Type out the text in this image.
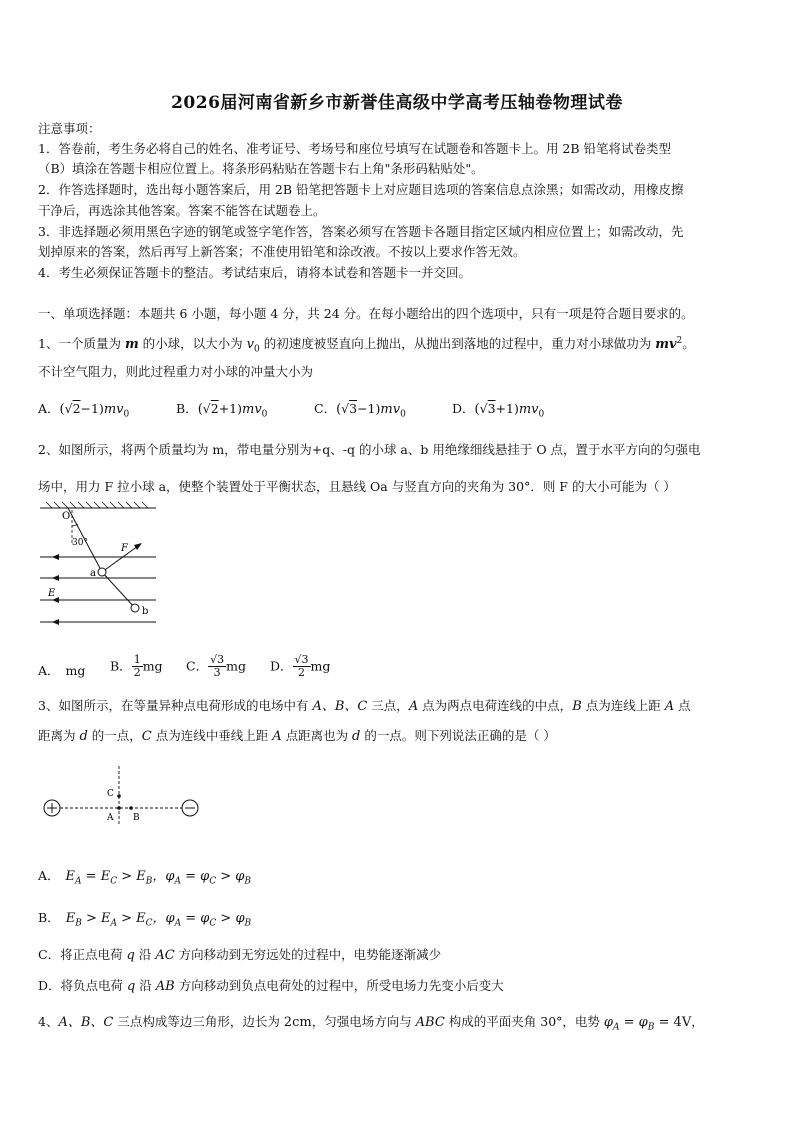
2026届河南省新乡市新誉佳高级中学高考压轴卷物理试卷
注意事项：
1．答卷前，考生务必将自己的姓名、准考证号、考场号和座位号填写在试题卷和答题卡上。用 2B 铅笔将试卷类型
（B）填涂在答题卡相应位置上。将条形码粘贴在答题卡右上角"条形码粘贴处"。
2．作答选择题时，选出每小题答案后，用 2B 铅笔把答题卡上对应题目选项的答案信息点涂黑；如需改动，用橡皮擦
干净后，再选涂其他答案。答案不能答在试题卷上。
3．非选择题必须用黑色字迹的钢笔或签字笔作答，答案必须写在答题卡各题目指定区域内相应位置上；如需改动，先
划掉原来的答案，然后再写上新答案；不准使用铅笔和涂改液。不按以上要求作答无效。
4．考生必须保证答题卡的整洁。考试结束后，请将本试卷和答题卡一并交回。
一、单项选择题：本题共 6 小题，每小题 4 分，共 24 分。在每小题给出的四个选项中，只有一项是符合题目要求的。
1、一个质量为 m 的小球，以大小为 $v_0$ 的初速度被竖直向上抛出，从抛出到落地的过程中，重力对小球做功为 $mv^2$。
不计空气阻力，则此过程重力对小球的冲量大小为
A．$(√2-1)mv_0$	B．$(√2+1)mv_0$	C．$(√3-1)mv_0$	D．$(√3+1)mv_0$
2、如图所示，将两个质量均为 m，带电量分别为+q、-q 的小球 a、b 用绝缘细线悬挂于 O 点，置于水平方向的匀强电
场中，用力 F 拉小球 a，使整个装置处于平衡状态，且悬线 Oa 与竖直方向的夹角为 30°．则 F 的大小可能为（ ）
O
30°	F
a
E
b
A． mg B． $\frac{1}{2}$ mg C． $\frac{√3}{3}$ mg D． $\frac{√3}{2}$ mg
3、如图所示，在等量异种点电荷形成的电场中有 A、B、C 三点，A 点为两点电荷连线的中点，B 点为连线上距 A 点
距离为 d 的一点，C 点为连线中垂线上距 A 点距离也为 d 的一点。则下列说法正确的是（ ）
C
A B
A． $E_A = E_C > E_B$，$\varphi_A = \varphi_C > \varphi_B$
B． $E_B > E_A > E_C$，$\varphi_A = \varphi_C > \varphi_B$
C．将正点电荷 q 沿 AC 方向移动到无穷远处的过程中，电势能逐渐减少
D．将负点电荷 q 沿 AB 方向移动到负点电荷处的过程中，所受电场力先变小后变大
4、A、B、C 三点构成等边三角形，边长为 2cm，匀强电场方向与 ABC 构成的平面夹角 30°，电势 $\varphi_A = \varphi_B = 4V$，
